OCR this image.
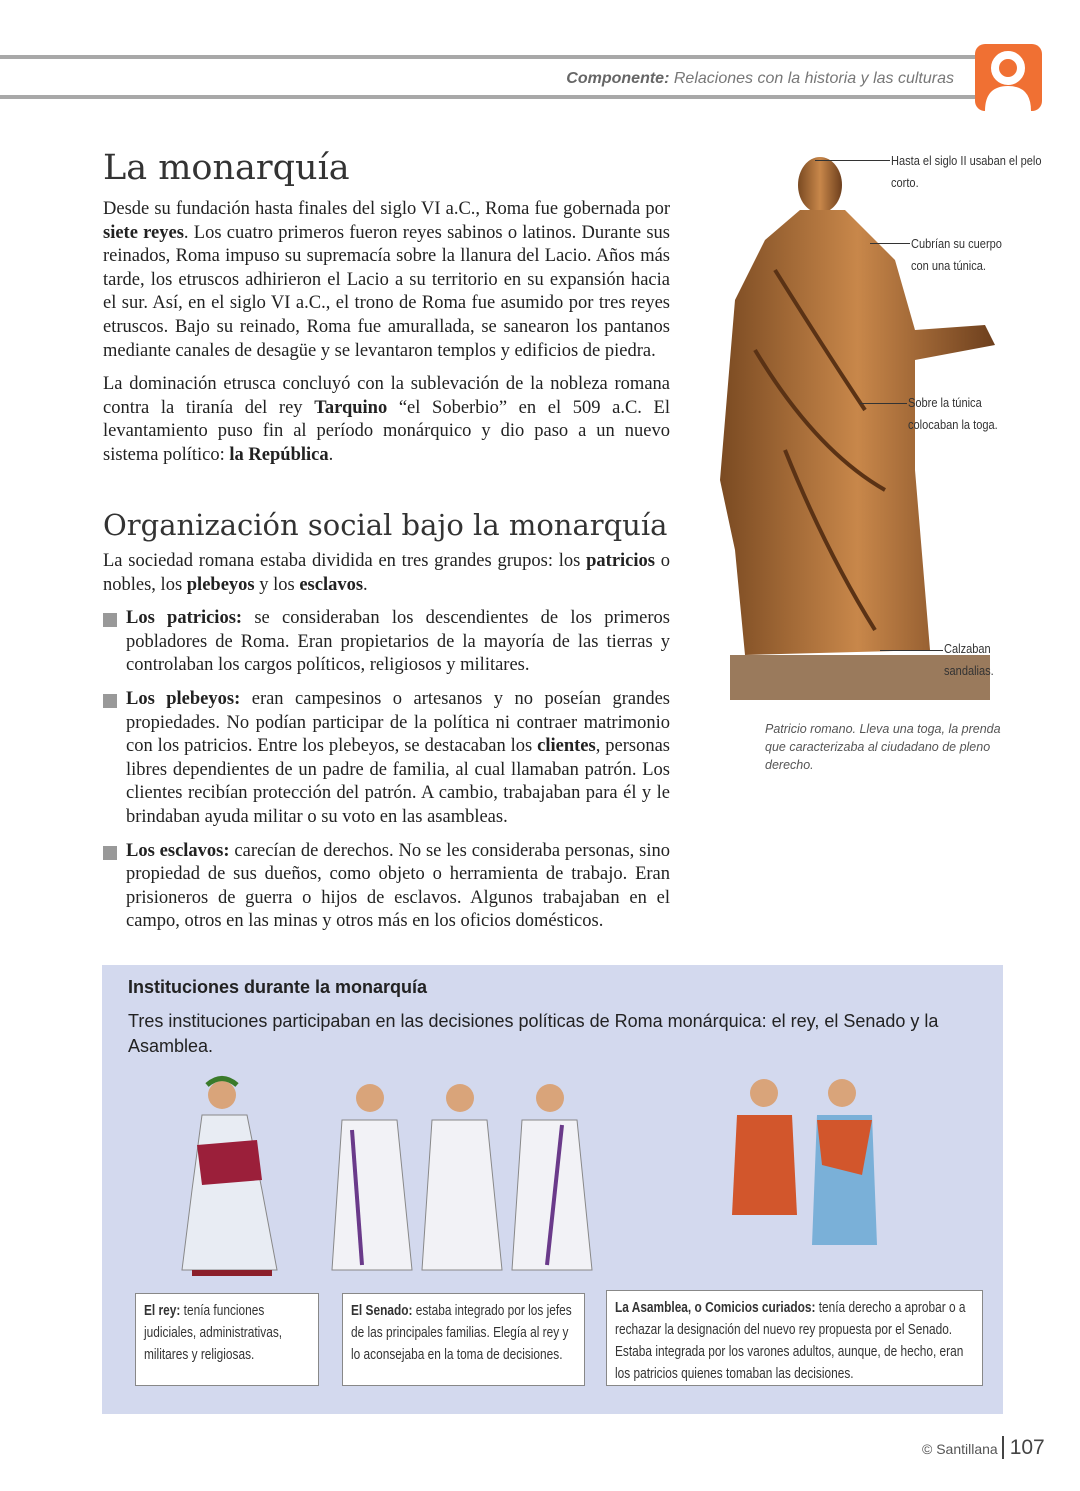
Componente: Relaciones con la historia y las culturas
La monarquía

Desde su fundación hasta finales del siglo VI a.C., Roma fue gobernada por siete reyes. Los cuatro primeros fueron reyes sabinos o latinos. Durante sus reinados, Roma impuso su supremacía sobre la llanura del Lacio. Años más tarde, los etruscos adhirieron el Lacio a su territorio en su expansión hacia el sur. Así, en el siglo VI a.C., el trono de Roma fue asumido por tres reyes etruscos. Bajo su reinado, Roma fue amurallada, se sanearon los pantanos mediante canales de desagüe y se levantaron templos y edificios de piedra.

La dominación etrusca concluyó con la sublevación de la nobleza romana contra la tiranía del rey Tarquino “el Soberbio” en el 509 a.C. El levantamiento puso fin al período monárquico y dio paso a un nuevo sistema político: la República.

Organización social bajo la monarquía

La sociedad romana estaba dividida en tres grandes grupos: los patricios o nobles, los plebeyos y los esclavos.

Los patricios: se consideraban los descendientes de los primeros pobladores de Roma. Eran propietarios de la mayoría de las tierras y controlaban los cargos políticos, religiosos y militares.
Los plebeyos: eran campesinos o artesanos y no poseían grandes propiedades. No podían participar de la política ni contraer matrimonio con los patricios. Entre los plebeyos, se destacaban los clientes, personas libres dependientes de un padre de familia, al cual llamaban patrón. Los clientes recibían protección del patrón. A cambio, trabajaban para él y le brindaban ayuda militar o su voto en las asambleas.
Los esclavos: carecían de derechos. No se les consideraba personas, sino propiedad de sus dueños, como objeto o herramienta de trabajo. Eran prisioneros de guerra o hijos de esclavos. Algunos trabajaban en el campo, otros en las minas y otros más en los oficios domésticos.
Hasta el siglo II usaban el pelo corto.
Cubrían su cuerpo con una túnica.
Sobre la túnica colocaban la toga.
Calzaban sandalias.
Patricio romano. Lleva una toga, la prenda que caracterizaba al ciudadano de pleno derecho.
Instituciones durante la monarquía
Tres instituciones participaban en las decisiones políticas de Roma monárquica: el rey, el Senado y la Asamblea.
El rey: tenía funciones judiciales, administrativas, militares y religiosas.
El Senado: estaba integrado por los jefes de las principales familias. Elegía al rey y lo aconsejaba en la toma de decisiones.
La Asamblea, o Comicios curiados: tenía derecho a aprobar o a rechazar la designación del nuevo rey propuesta por el Senado. Estaba integrada por los varones adultos, aunque, de hecho, eran los patricios quienes tomaban las decisiones.
© Santillana 107
